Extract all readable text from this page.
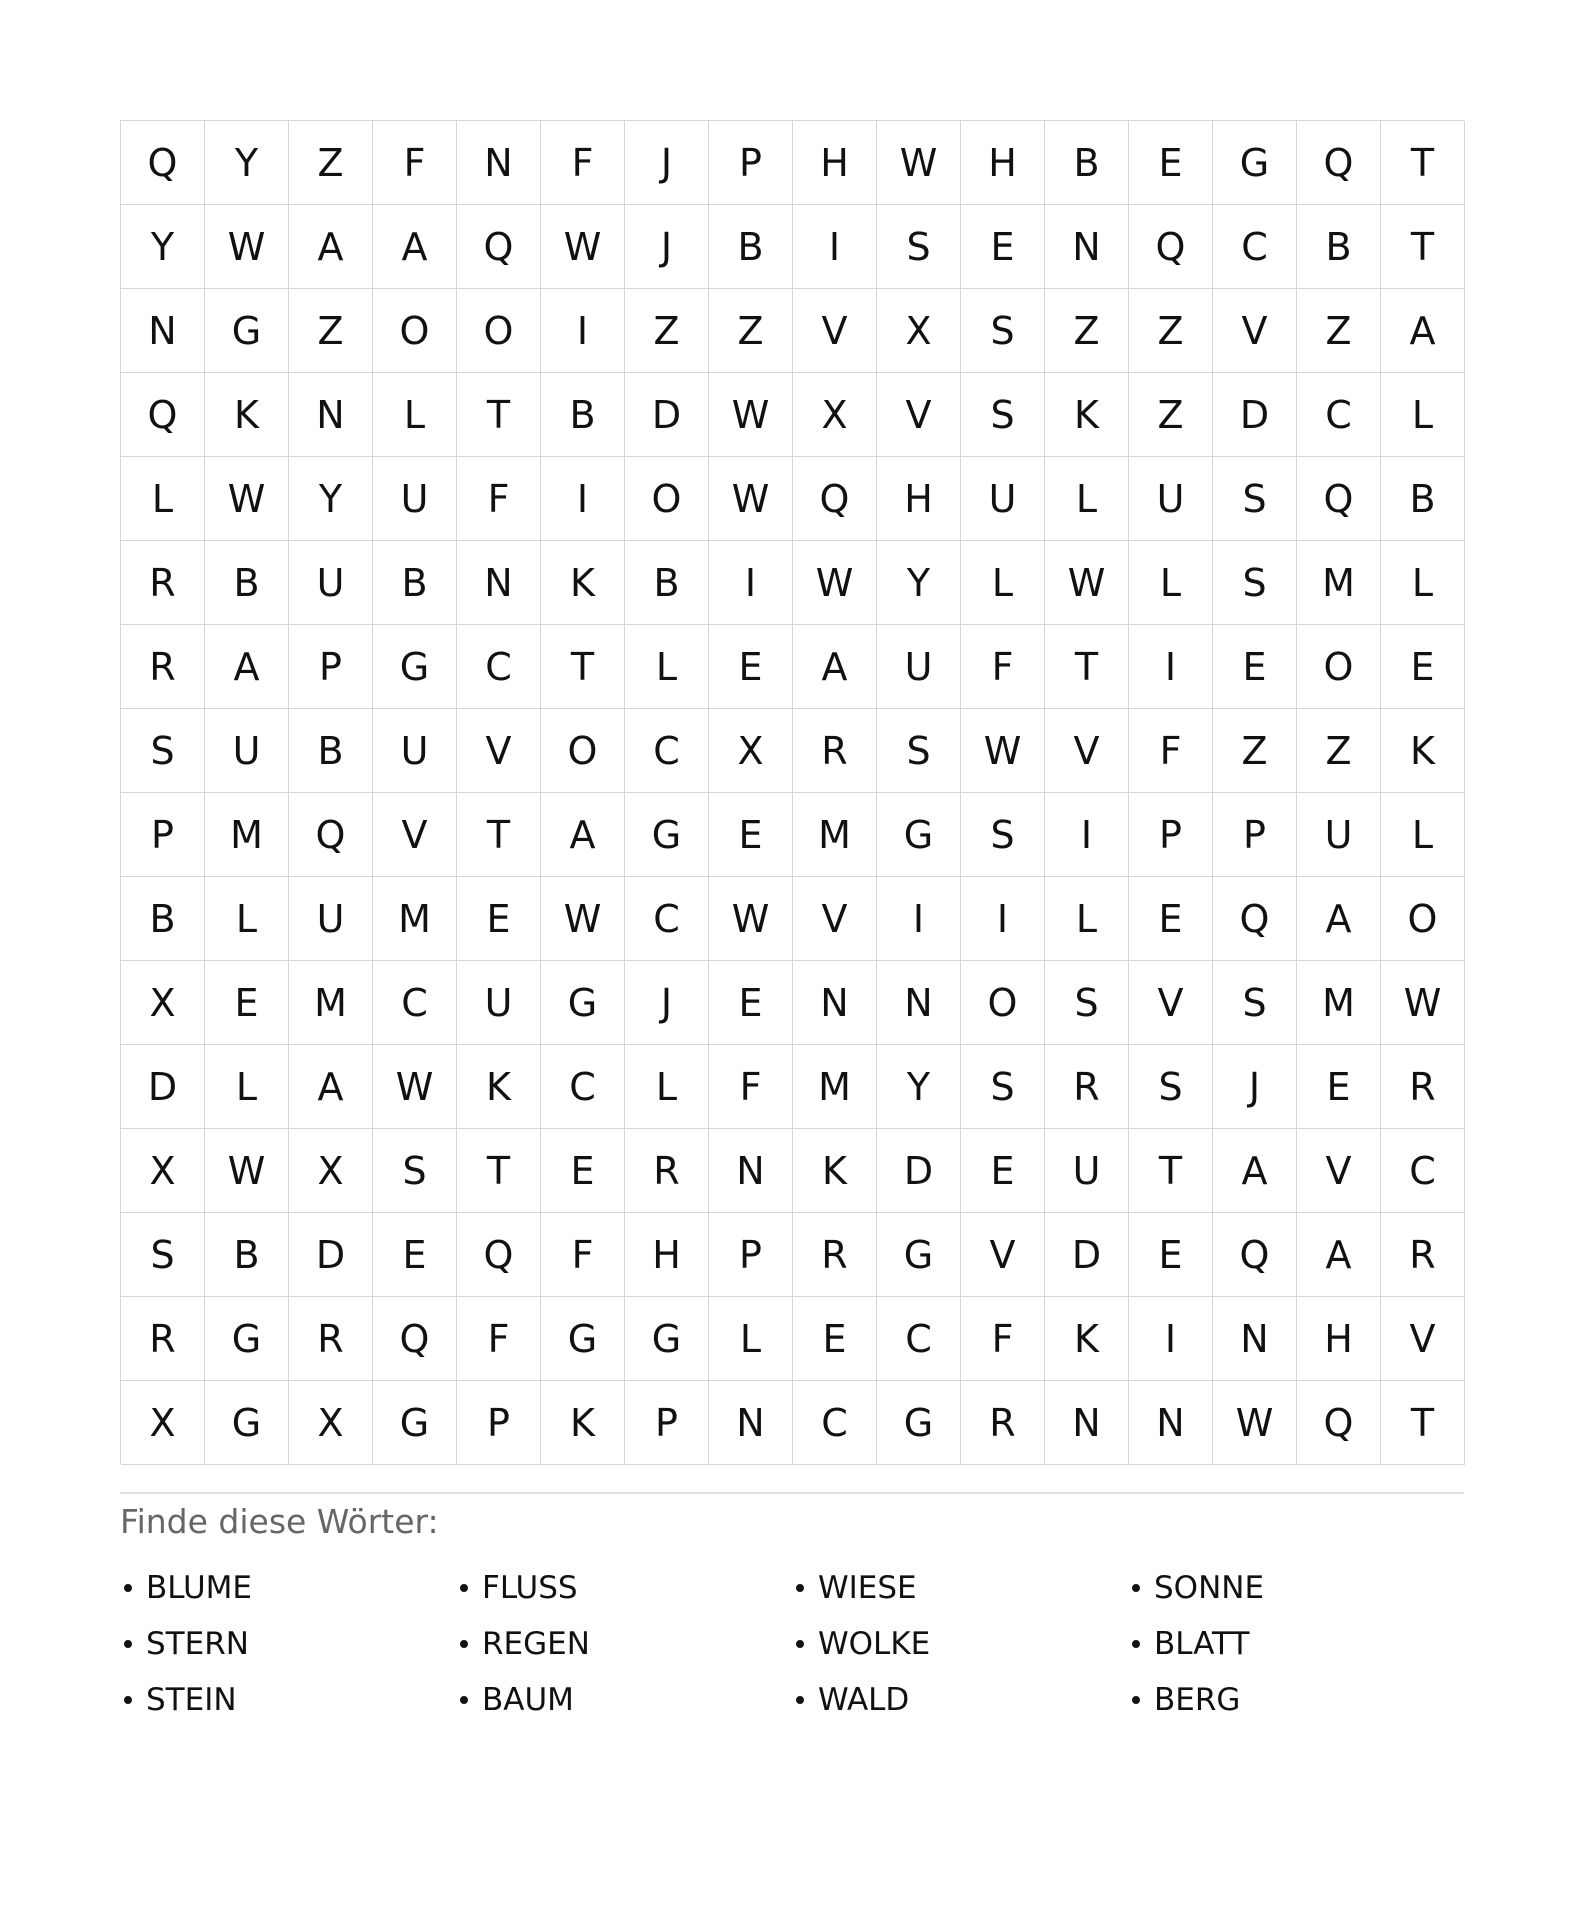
Q	Y	Z	F	N	F	J	P	H	W	H	B	E	G	Q	T
Y	W	A	A	Q	W	J	B	I	S	E	N	Q	C	B	T
N	G	Z	O	O	I	Z	Z	V	X	S	Z	Z	V	Z	A
Q	K	N	L	T	B	D	W	X	V	S	K	Z	D	C	L
L	W	Y	U	F	I	O	W	Q	H	U	L	U	S	Q	B
R	B	U	B	N	K	B	I	W	Y	L	W	L	S	M	L
R	A	P	G	C	T	L	E	A	U	F	T	I	E	O	E
S	U	B	U	V	O	C	X	R	S	W	V	F	Z	Z	K
P	M	Q	V	T	A	G	E	M	G	S	I	P	P	U	L
B	L	U	M	E	W	C	W	V	I	I	L	E	Q	A	O
X	E	M	C	U	G	J	E	N	N	O	S	V	S	M	W
D	L	A	W	K	C	L	F	M	Y	S	R	S	J	E	R
X	W	X	S	T	E	R	N	K	D	E	U	T	A	V	C
S	B	D	E	Q	F	H	P	R	G	V	D	E	Q	A	R
R	G	R	Q	F	G	G	L	E	C	F	K	I	N	H	V
X	G	X	G	P	K	P	N	C	G	R	N	N	W	Q	T
Finde diese Wörter:
BLUME	FLUSS	WIESE	SONNE
STERN	REGEN	WOLKE	BLATT
STEIN	BAUM	WALD	BERG
